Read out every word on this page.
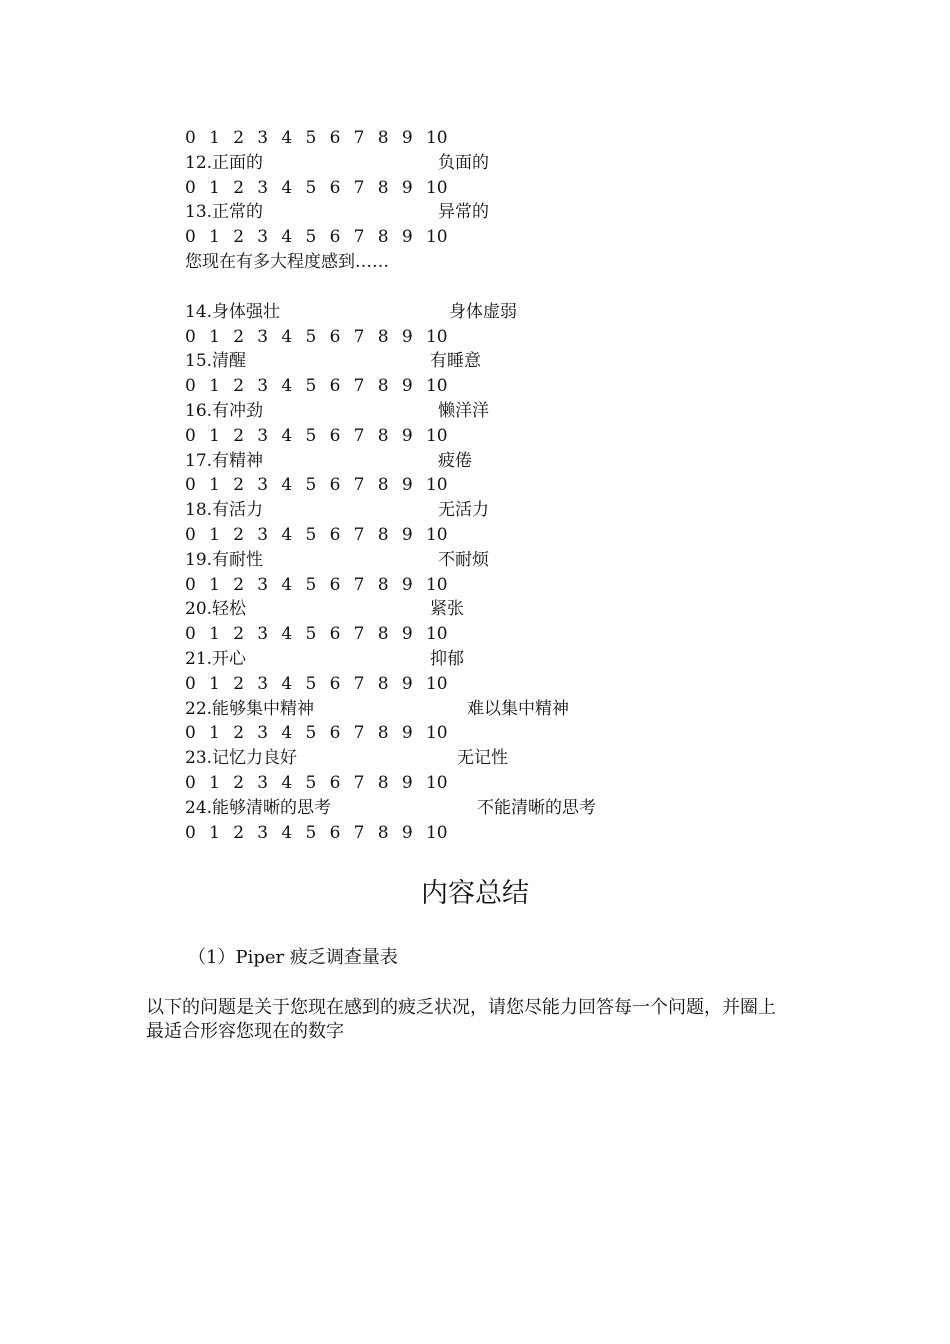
0 1 2 3 4 5 6 7 8 9 10
12.正面的	负面的
0 1 2 3 4 5 6 7 8 9 10
13.正常的	异常的
0 1 2 3 4 5 6 7 8 9 10
您现在有多大程度感到……
14.身体强壮	身体虚弱
0 1 2 3 4 5 6 7 8 9 10
15.清醒	有睡意
0 1 2 3 4 5 6 7 8 9 10
16.有冲劲	懒洋洋
0 1 2 3 4 5 6 7 8 9 10
17.有精神	疲倦
0 1 2 3 4 5 6 7 8 9 10
18.有活力	无活力
0 1 2 3 4 5 6 7 8 9 10
19.有耐性	不耐烦
0 1 2 3 4 5 6 7 8 9 10
20.轻松	紧张
0 1 2 3 4 5 6 7 8 9 10
21.开心	抑郁
0 1 2 3 4 5 6 7 8 9 10
22.能够集中精神	难以集中精神
0 1 2 3 4 5 6 7 8 9 10
23.记忆力良好	无记性
0 1 2 3 4 5 6 7 8 9 10
24.能够清晰的思考	不能清晰的思考
0 1 2 3 4 5 6 7 8 9 10
内容总结
（1）Piper 疲乏调查量表
以下的问题是关于您现在感到的疲乏状况，请您尽能力回答每一个问题，并圈上最适合形容您现在的数字
